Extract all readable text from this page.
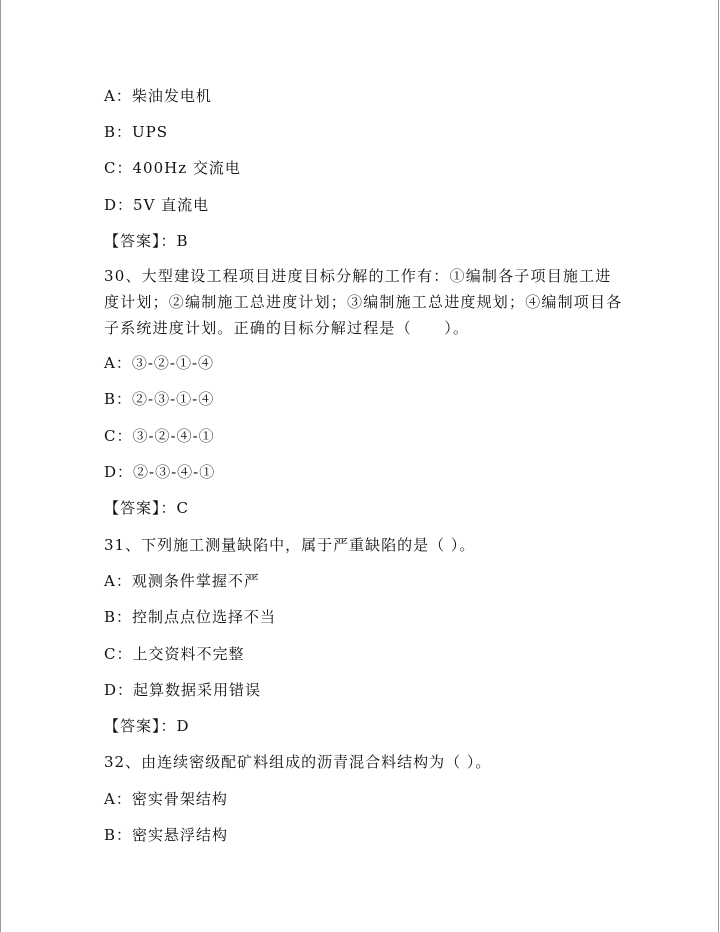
A：柴油发电机
B：UPS
C：400Hz 交流电
D：5V 直流电
【答案】：B
30、大型建设工程项目进度目标分解的工作有：①编制各子项目施工进度计划；②编制施工总进度计划；③编制施工总进度规划；④编制项目各子系统进度计划。正确的目标分解过程是（　　）。
A：③-②-①-④
B：②-③-①-④
C：③-②-④-①
D：②-③-④-①
【答案】：C
31、下列施工测量缺陷中，属于严重缺陷的是（ ）。
A：观测条件掌握不严
B：控制点点位选择不当
C：上交资料不完整
D：起算数据采用错误
【答案】：D
32、由连续密级配矿料组成的沥青混合料结构为（ ）。
A：密实骨架结构
B：密实悬浮结构
